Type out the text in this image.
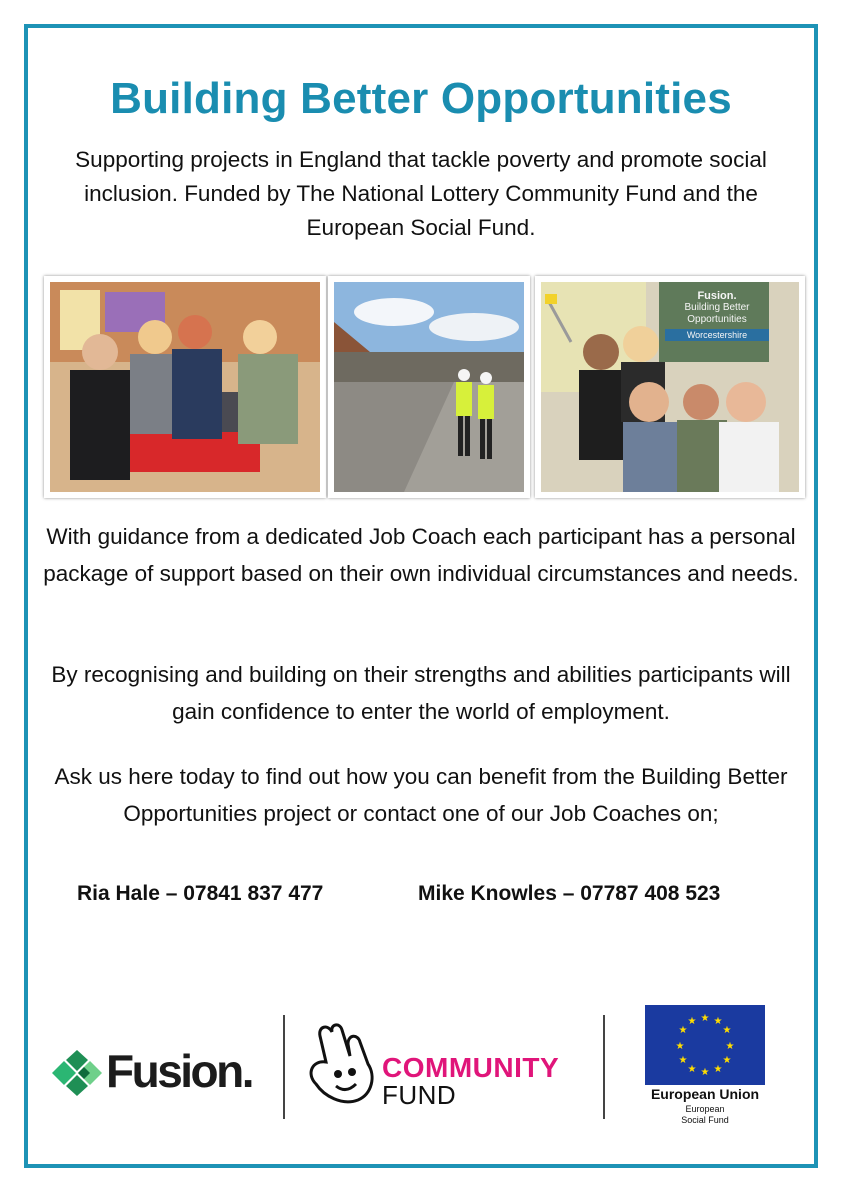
Building Better Opportunities
Supporting projects in England that tackle poverty and promote social inclusion. Funded by The National Lottery Community Fund and the European Social Fund.
Fusion.
Building Better
Opportunities
Worcestershire
With guidance from a dedicated Job Coach each participant has a personal package of support based on their own individual circumstances and needs.
By recognising and building on their strengths and abilities participants will gain confidence to enter the world of employment.
Ask us here today to find out how you can benefit from the Building Better Opportunities project or contact one of our Job Coaches on;
Ria Hale – 07841 837 477	Mike Knowles – 07787 408 523
Fusion.	COMMUNITY
FUND
★ ★
★
★
★
★
★
★
★
★
★
★
European Union
European
Social Fund
